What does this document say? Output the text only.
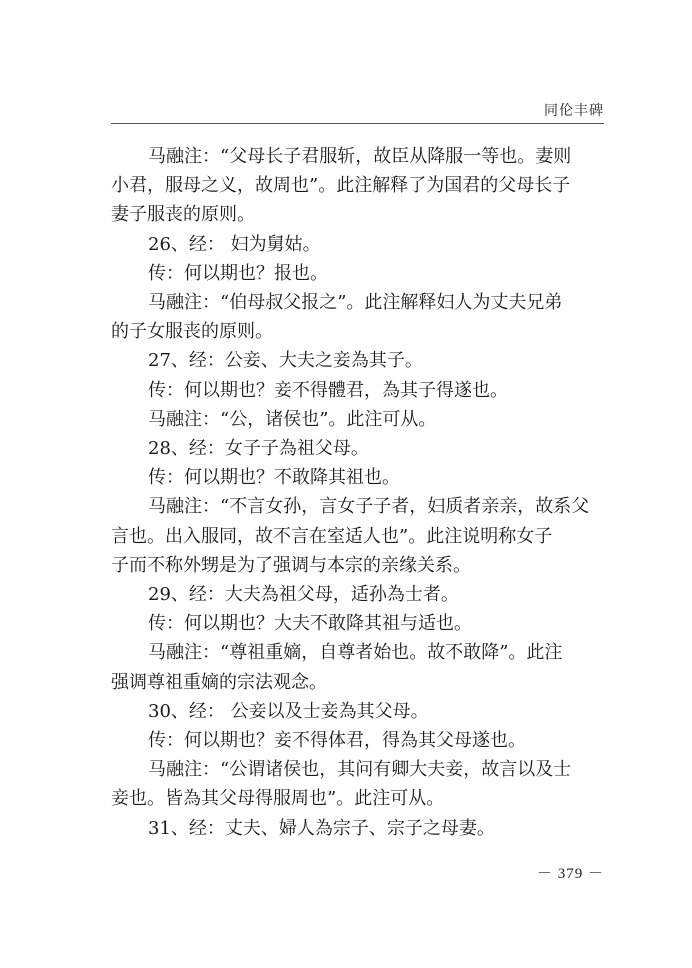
同伦丰碑

马融注：“父母长子君服斩，故臣从降服一等也。妻则
小君，服母之义，故周也”。此注解释了为国君的父母长子
妻子服丧的原则。

26、经： 妇为舅姑。

传：何以期也？报也。

马融注：“伯母叔父报之”。此注解释妇人为丈夫兄弟
的子女服丧的原则。

27、经：公妾、大夫之妾為其子。

传：何以期也？妾不得體君，為其子得遂也。

马融注：“公，诸侯也”。此注可从。

28、经：女子子為祖父母。

传：何以期也？不敢降其祖也。

马融注：“不言女孙，言女子子者，妇质者亲亲，故系父
言也。出入服同，故不言在室适人也”。此注说明称女子
子而不称外甥是为了强调与本宗的亲缘关系。

29、经：大夫為祖父母，适孙為士者。

传：何以期也？大夫不敢降其祖与适也。

马融注：“尊祖重嫡，自尊者始也。故不敢降”。此注
强调尊祖重嫡的宗法观念。

30、经： 公妾以及士妾為其父母。

传：何以期也？妾不得体君，得為其父母遂也。

马融注：“公谓诸侯也，其问有卿大夫妾，故言以及士
妾也。皆為其父母得服周也”。此注可从。

31、经：丈夫、婦人為宗子、宗子之母妻。

－ 379 －
